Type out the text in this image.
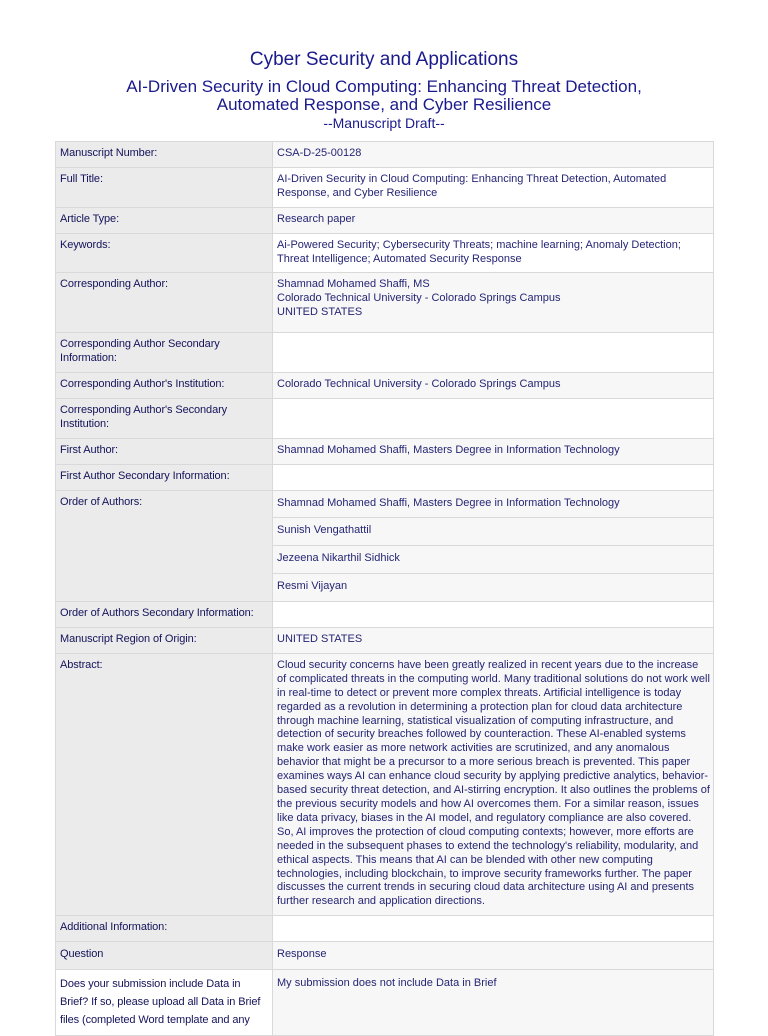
Cyber Security and Applications
AI-Driven Security in Cloud Computing: Enhancing Threat Detection, Automated Response, and Cyber Resilience
--Manuscript Draft--
Manuscript Number:	CSA-D-25-00128
Full Title:	AI-Driven Security in Cloud Computing: Enhancing Threat Detection, Automated Response, and Cyber Resilience
Article Type:	Research paper
Keywords:	Ai-Powered Security; Cybersecurity Threats; machine learning; Anomaly Detection; Threat Intelligence; Automated Security Response
Corresponding Author:	Shamnad Mohamed Shaffi, MS
Colorado Technical University - Colorado Springs Campus
UNITED STATES

Corresponding Author Secondary Information:	
Corresponding Author's Institution:	Colorado Technical University - Colorado Springs Campus
Corresponding Author's Secondary Institution:	
First Author:	Shamnad Mohamed Shaffi, Masters Degree in Information Technology
First Author Secondary Information:	
Order of Authors:	Shamnad Mohamed Shaffi, Masters Degree in Information Technology
	Sunish Vengathattil
	Jezeena Nikarthil Sidhick
	Resmi Vijayan
Order of Authors Secondary Information:	
Manuscript Region of Origin:	UNITED STATES
Abstract:	Cloud security concerns have been greatly realized in recent years due to the increase of complicated threats in the computing world. Many traditional solutions do not work well in real-time to detect or prevent more complex threats. Artificial intelligence is today regarded as a revolution in determining a protection plan for cloud data architecture through machine learning, statistical visualization of computing infrastructure, and detection of security breaches followed by counteraction. These AI-enabled systems make work easier as more network activities are scrutinized, and any anomalous behavior that might be a precursor to a more serious breach is prevented. This paper examines ways AI can enhance cloud security by applying predictive analytics, behavior-based security threat detection, and AI-stirring encryption. It also outlines the problems of the previous security models and how AI overcomes them. For a similar reason, issues like data privacy, biases in the AI model, and regulatory compliance are also covered. So, AI improves the protection of cloud computing contexts; however, more efforts are needed in the subsequent phases to extend the technology's reliability, modularity, and ethical aspects. This means that AI can be blended with other new computing technologies, including blockchain, to improve security frameworks further. The paper discusses the current trends in securing cloud data architecture using AI and presents further research and application directions.
Additional Information:	
Question	Response
Does your submission include Data in Brief? If so, please upload all Data in Brief files (completed Word template and any	My submission does not include Data in Brief
